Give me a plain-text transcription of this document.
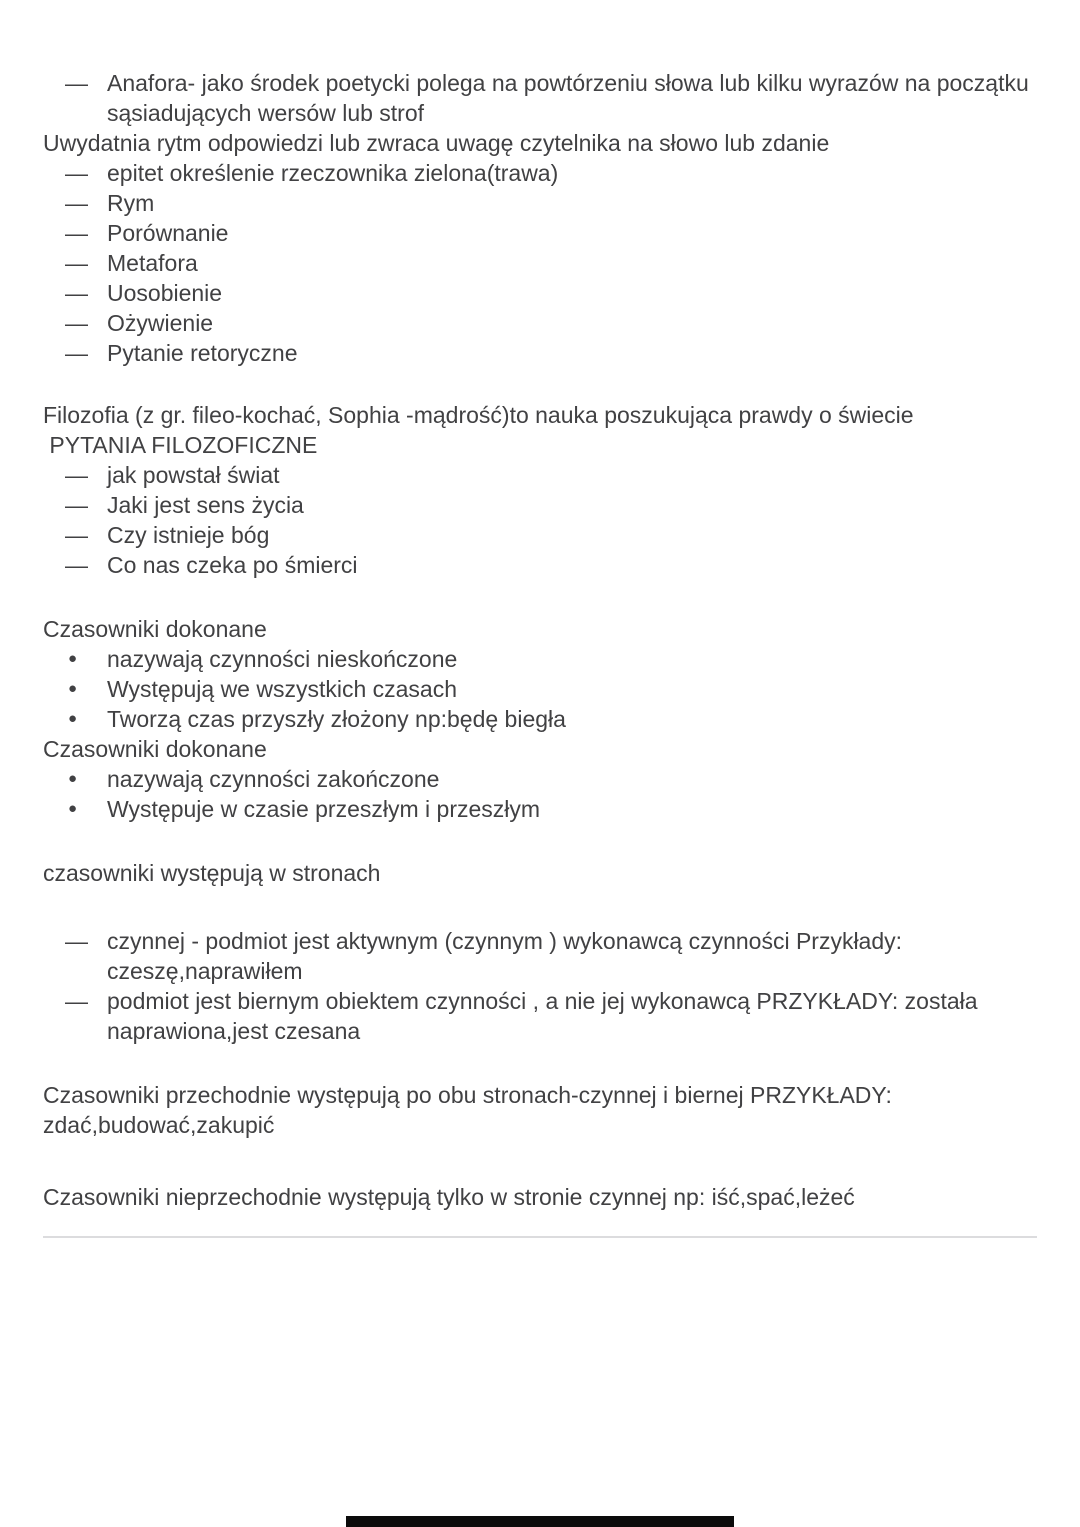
— Anafora- jako środek poetycki polega na powtórzeniu słowa lub kilku wyrazów na początku sąsiadujących wersów lub strof
Uwydatnia rytm odpowiedzi lub zwraca uwagę czytelnika na słowo lub zdanie
— epitet określenie rzeczownika zielona(trawa)
— Rym
— Porównanie
— Metafora
— Uosobienie
— Ożywienie
— Pytanie retoryczne
Filozofia (z gr. fileo-kochać, Sophia -mądrość)to nauka poszukująca prawdy o świecie
PYTANIA FILOZOFICZNE
— jak powstał świat
— Jaki jest sens życia
— Czy istnieje bóg
— Co nas czeka po śmierci
Czasowniki dokonane
●	nazywają czynności nieskończone
●	Występują we wszystkich czasach
●	Tworzą czas przyszły złożony np:będę biegła
Czasowniki dokonane
●	nazywają czynności zakończone
●	Występuje w czasie przeszłym i przeszłym
czasowniki występują w stronach
— czynnej - podmiot jest aktywnym (czynnym ) wykonawcą czynności Przykłady: czeszę,naprawiłem
— podmiot jest biernym obiektem czynności , a nie jej wykonawcą PRZYKŁADY: została naprawiona,jest czesana
Czasowniki przechodnie występują po obu stronach-czynnej i biernej PRZYKŁADY: zdać,budować,zakupić
Czasowniki nieprzechodnie występują tylko w stronie czynnej np: iść,spać,leżeć
